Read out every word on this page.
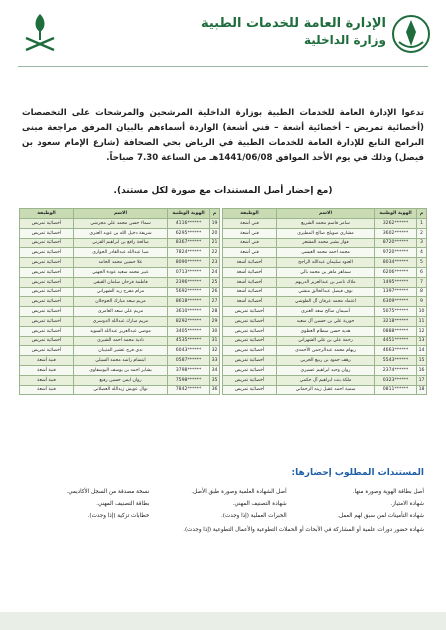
الإدارة العامة للخدمات الطبية
وزارة الداخلية
تدعوا الإدارة العامة للخدمات الطبية بوزارة الداخلية المرشحين والمرشحات على التخصصات (أخصائية تمريض – أخصائية أشعة – فني أشعة) الواردة أسماءهم بالبيان المرفق مراجعة مبنى البرامج التابع للإدارة العامة للخدمات الطبية في الرياض بحي الصحافة (شارع الإمام سعود بن فيصل) وذلك في يوم الأحد الموافق 1441/06/08هـ من الساعة 7.30 صباحاً.
(مع إحضار أصل المستندات مع صورة لكل مستند).
م	الهوية الوطنية	الاسم	الوظيفة
1	******3262	سامر قاسم محمد الشريع	فني أشعة
2	******3602	مشاري صويلح صالح المطيري	فني أشعة
3	******8720	فواز بشير محمد المشعر	فني أشعة
4	******9720	محمد احمد محمد العيسى	فني أشعة
5	******8034	العنود سليمان عبدالله الراجح	أخصائية أشعة
6	******6206	سماهر ماهر بن محمد بالي	أخصائية أشعة
7	******1495	ملاك ناصر بن عبدالعزيز الدريهم	أخصائية أشعة
8	******1397	نوف فيصل عبدالخالق منشي	أخصائية أشعة
9	******6309	اعتماد محمد عرفان آل الطوشي	أخصائية أشعة
10	******5075	أسيمان صالح سعد العنزي	أخصائية تمريض
11	******3218	حورية علي بن حسين آل سعيد	أخصائية تمريض
12	******0888	هديه حسن سطام العطوي	أخصائية تمريض
13	******4451	رحمة علي بن علي الشهراني	أخصائية تمريض
14	******4663	ريهام محمد عبدالرحمن الأحمدي	أخصائية تمريض
15	******5543	رهف حمود بن ربيع الحربي	أخصائية تمريض
16	******2374	روان وحيد ابراهيم عسيري	أخصائية تمريض
17	******0323	ملكة بنت ابراهيم آل حكمي	أخصائية تمريض
18	******0811	سمية احمد عقيل زينه الزحماني	أخصائية تمريض
م	الهوية الوطنية	الاسم	الوظيفة
19	******4116	سماء حسن محمد علي مجرشي	أخصائية تمريض
20	******6295	شريفة دخيل الله بن عويد العنزي	أخصائية تمريض
21	******8367	صالحة راقع بن ابراهيم القرني	أخصائية تمريض
22	******7824	صبا عبدالله عبدالقادر الحواري	أخصائية تمريض
23	******8090	علا حسين محمد الحامد	أخصائية تمريض
24	******0713	عبير محمد سعيد عودة الجهني	أخصائية تمريض
25	******2396	فاطمة فرحان سلمان الفيفي	أخصائية تمريض
26	******5692	مرام مفرح زيد الشهراني	أخصائية تمريض
27	******8618	مريم سعد مبارك الخوجلان	أخصائية تمريض
28	******3610	مريم علي سعد العامري	أخصائية تمريض
29	******8292	مريم مبارك عبدالله الدوسري	أخصائية تمريض
30	******3405	موضي عبدالعزيز عبدالله السويد	أخصائية تمريض
31	******4535	نادية محمد احمد الشيري	أخصائية تمريض
32	******6043	ندى فرج عشير المتيبان	أخصائية تمريض
33	******0587	ابتسام راشد محمد السيلي	فنية أشعة
34	******3798	بشاير احمد بن يوسف اليوسفاوي	فنية أشعة
35	******7598	روان ايمن حسين رفيع	فنية أشعة
36	******7842	نوال عويش زيدالله العصلاني	فنية أشعة
المستندات المطلوب إحضارها:
أصل بطاقة الهوية وصورة منها.
أصل الشهادة العلمية وصورة طبق الأصل.
نسخة مصدقة من السجل الأكاديمي.
شهادة الامتياز.
شهادة التصنيف المهني.
بطاقة التصنيف المهني.
شهادة التأمينات لمن سبق لهم العمل.
الخبرات العملية (إذا وجدت).
خطابات تزكية (إذا وجدت).
شهادة حضور دورات علمية أو المشاركة في الأبحاث أو الحملات التطوعية والأعمال التطوعية (إذا وجدت).
